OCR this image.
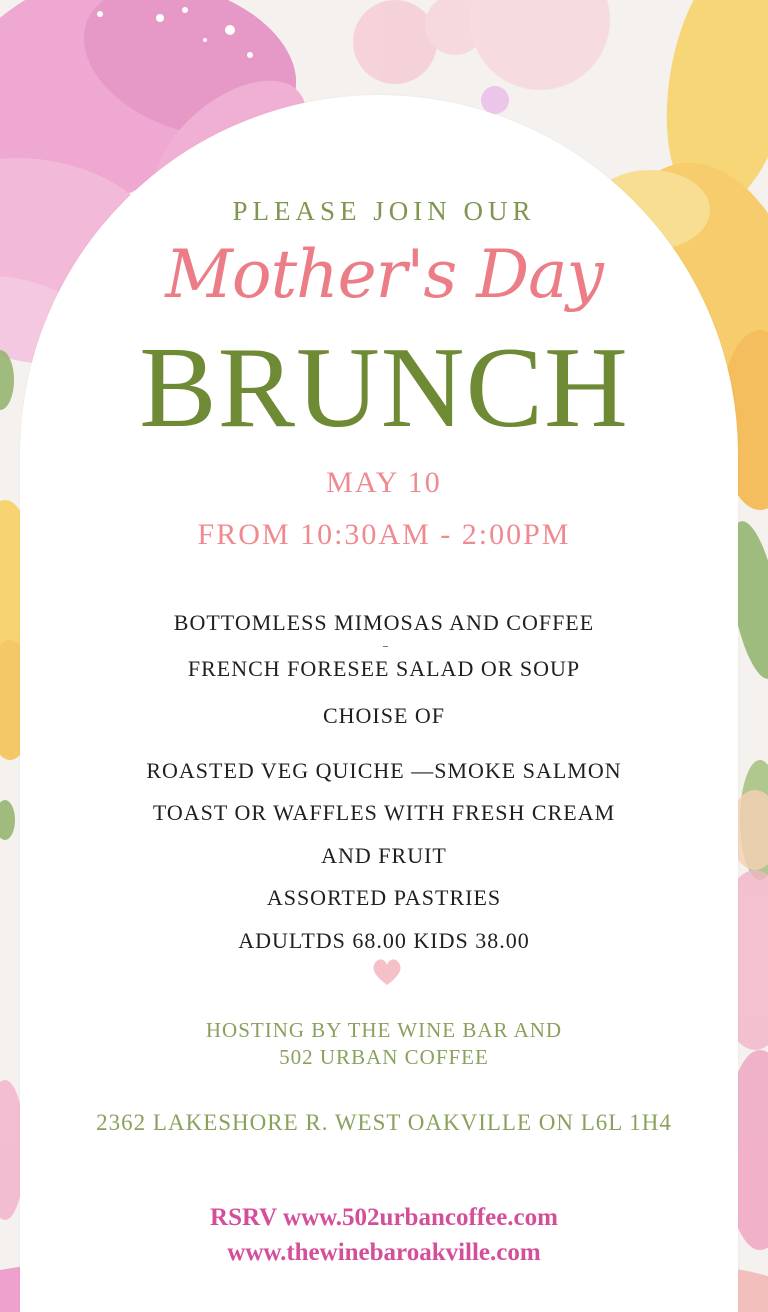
PLEASE JOIN OUR
Mother's Day
BRUNCH
MAY 10
FROM 10:30AM - 2:00PM
BOTTOMLESS MIMOSAS AND COFFEE
FRENCH FORESEE SALAD OR SOUP
CHOISE OF
ROASTED VEG QUICHE —SMOKE SALMON
TOAST OR WAFFLES WITH FRESH CREAM
AND FRUIT
ASSORTED PASTRIES
ADULTDS 68.00 KIDS 38.00
HOSTING BY THE WINE BAR AND
502 URBAN COFFEE
2362 LAKESHORE R. WEST OAKVILLE ON L6L 1H4
RSRV www.502urbancoffee.com
www.thewinebaroakville.com
